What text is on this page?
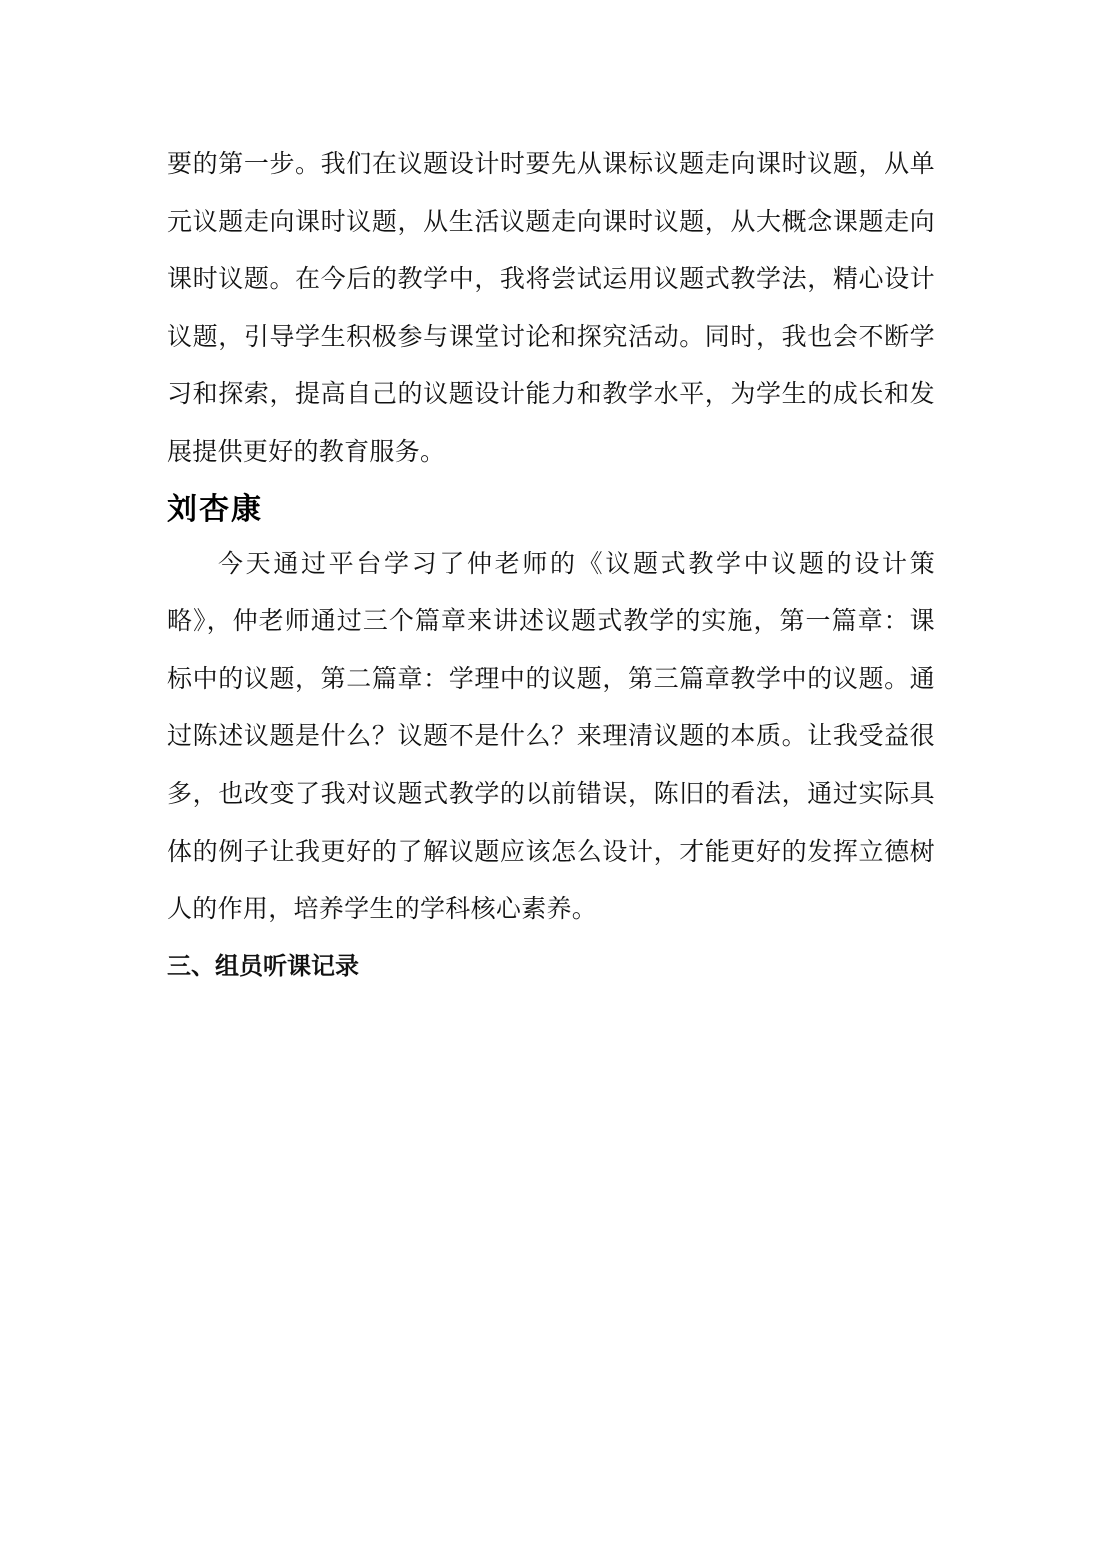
要的第一步。我们在议题设计时要先从课标议题走向课时议题，从单元议题走向课时议题，从生活议题走向课时议题，从大概念课题走向课时议题。在今后的教学中，我将尝试运用议题式教学法，精心设计议题，引导学生积极参与课堂讨论和探究活动。同时，我也会不断学习和探索，提高自己的议题设计能力和教学水平，为学生的成长和发展提供更好的教育服务。

刘杏康

今天通过平台学习了仲老师的《议题式教学中议题的设计策略》，仲老师通过三个篇章来讲述议题式教学的实施，第一篇章：课标中的议题，第二篇章：学理中的议题，第三篇章教学中的议题。通过陈述议题是什么？议题不是什么？来理清议题的本质。让我受益很多，也改变了我对议题式教学的以前错误，陈旧的看法，通过实际具体的例子让我更好的了解议题应该怎么设计，才能更好的发挥立德树人的作用，培养学生的学科核心素养。

三、组员听课记录
